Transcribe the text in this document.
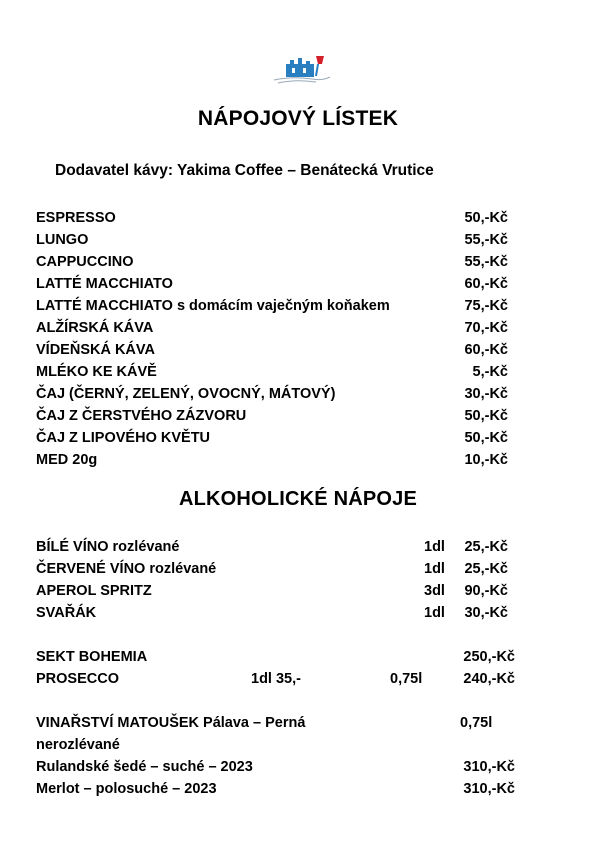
NÁPOJOVÝ LÍSTEK
Dodavatel kávy: Yakima Coffee – Benátecká Vrutice
ESPRESSO	50,-Kč
LUNGO	55,-Kč
CAPPUCCINO	55,-Kč
LATTÉ MACCHIATO	60,-Kč
LATTÉ MACCHIATO s domácím vaječným koňakem	75,-Kč
ALŽÍRSKÁ KÁVA	70,-Kč
VÍDEŇSKÁ KÁVA	60,-Kč
MLÉKO KE KÁVĚ	5,-Kč
ČAJ (ČERNÝ, ZELENÝ, OVOCNÝ, MÁTOVÝ)	30,-Kč
ČAJ Z ČERSTVÉHO ZÁZVORU	50,-Kč
ČAJ Z LIPOVÉHO KVĚTU	50,-Kč
MED 20g	10,-Kč
ALKOHOLICKÉ NÁPOJE
BÍLÉ VÍNO rozlévané	1dl 25,-Kč
ČERVENÉ VÍNO rozlévané	1dl 25,-Kč
APEROL SPRITZ	3dl 90,-Kč
SVAŘÁK	1dl 30,-Kč
SEKT BOHEMIA	250,-Kč
PROSECCO	1dl 35,-	0,75l	240,-Kč
VINAŘSTVÍ MATOUŠEK Pálava – Perná	0,75l
nerozlévané
Rulandské šedé – suché – 2023	310,-Kč
Merlot – polosuché – 2023	310,-Kč
